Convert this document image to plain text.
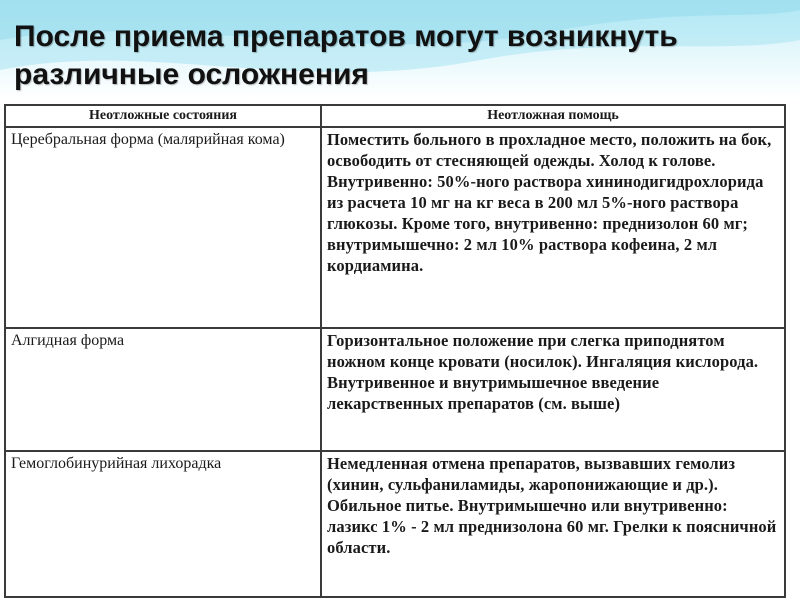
После приема препаратов могут возникнуть различные осложнения
Неотложные состояния	Неотложная помощь
Церебральная форма (малярийная кома)	Поместить больного в прохладное место, положить на бок, освободить от стесняющей одежды. Холод к голове. Внутривенно: 50%-ного раствора хининодигидрохлорида из расчета 10 мг на кг веса в 200 мл 5%-ного раствора глюкозы. Кроме того, внутривенно: преднизолон 60 мг; внутримышечно: 2 мл 10% раствора кофеина, 2 мл кордиамина.
Алгидная форма	Горизонтальное положение при слегка приподнятом ножном конце кровати (носилок). Ингаляция кислорода. Внутривенное и внутримышечное введение лекарственных препаратов (см. выше)
Гемоглобинурийная лихорадка	Немедленная отмена препаратов, вызвавших гемолиз (хинин, сульфаниламиды, жаропонижающие и др.). Обильное питье. Внутримышечно или внутривенно: лазикс 1% - 2 мл преднизолона 60 мг. Грелки к поясничной области.
